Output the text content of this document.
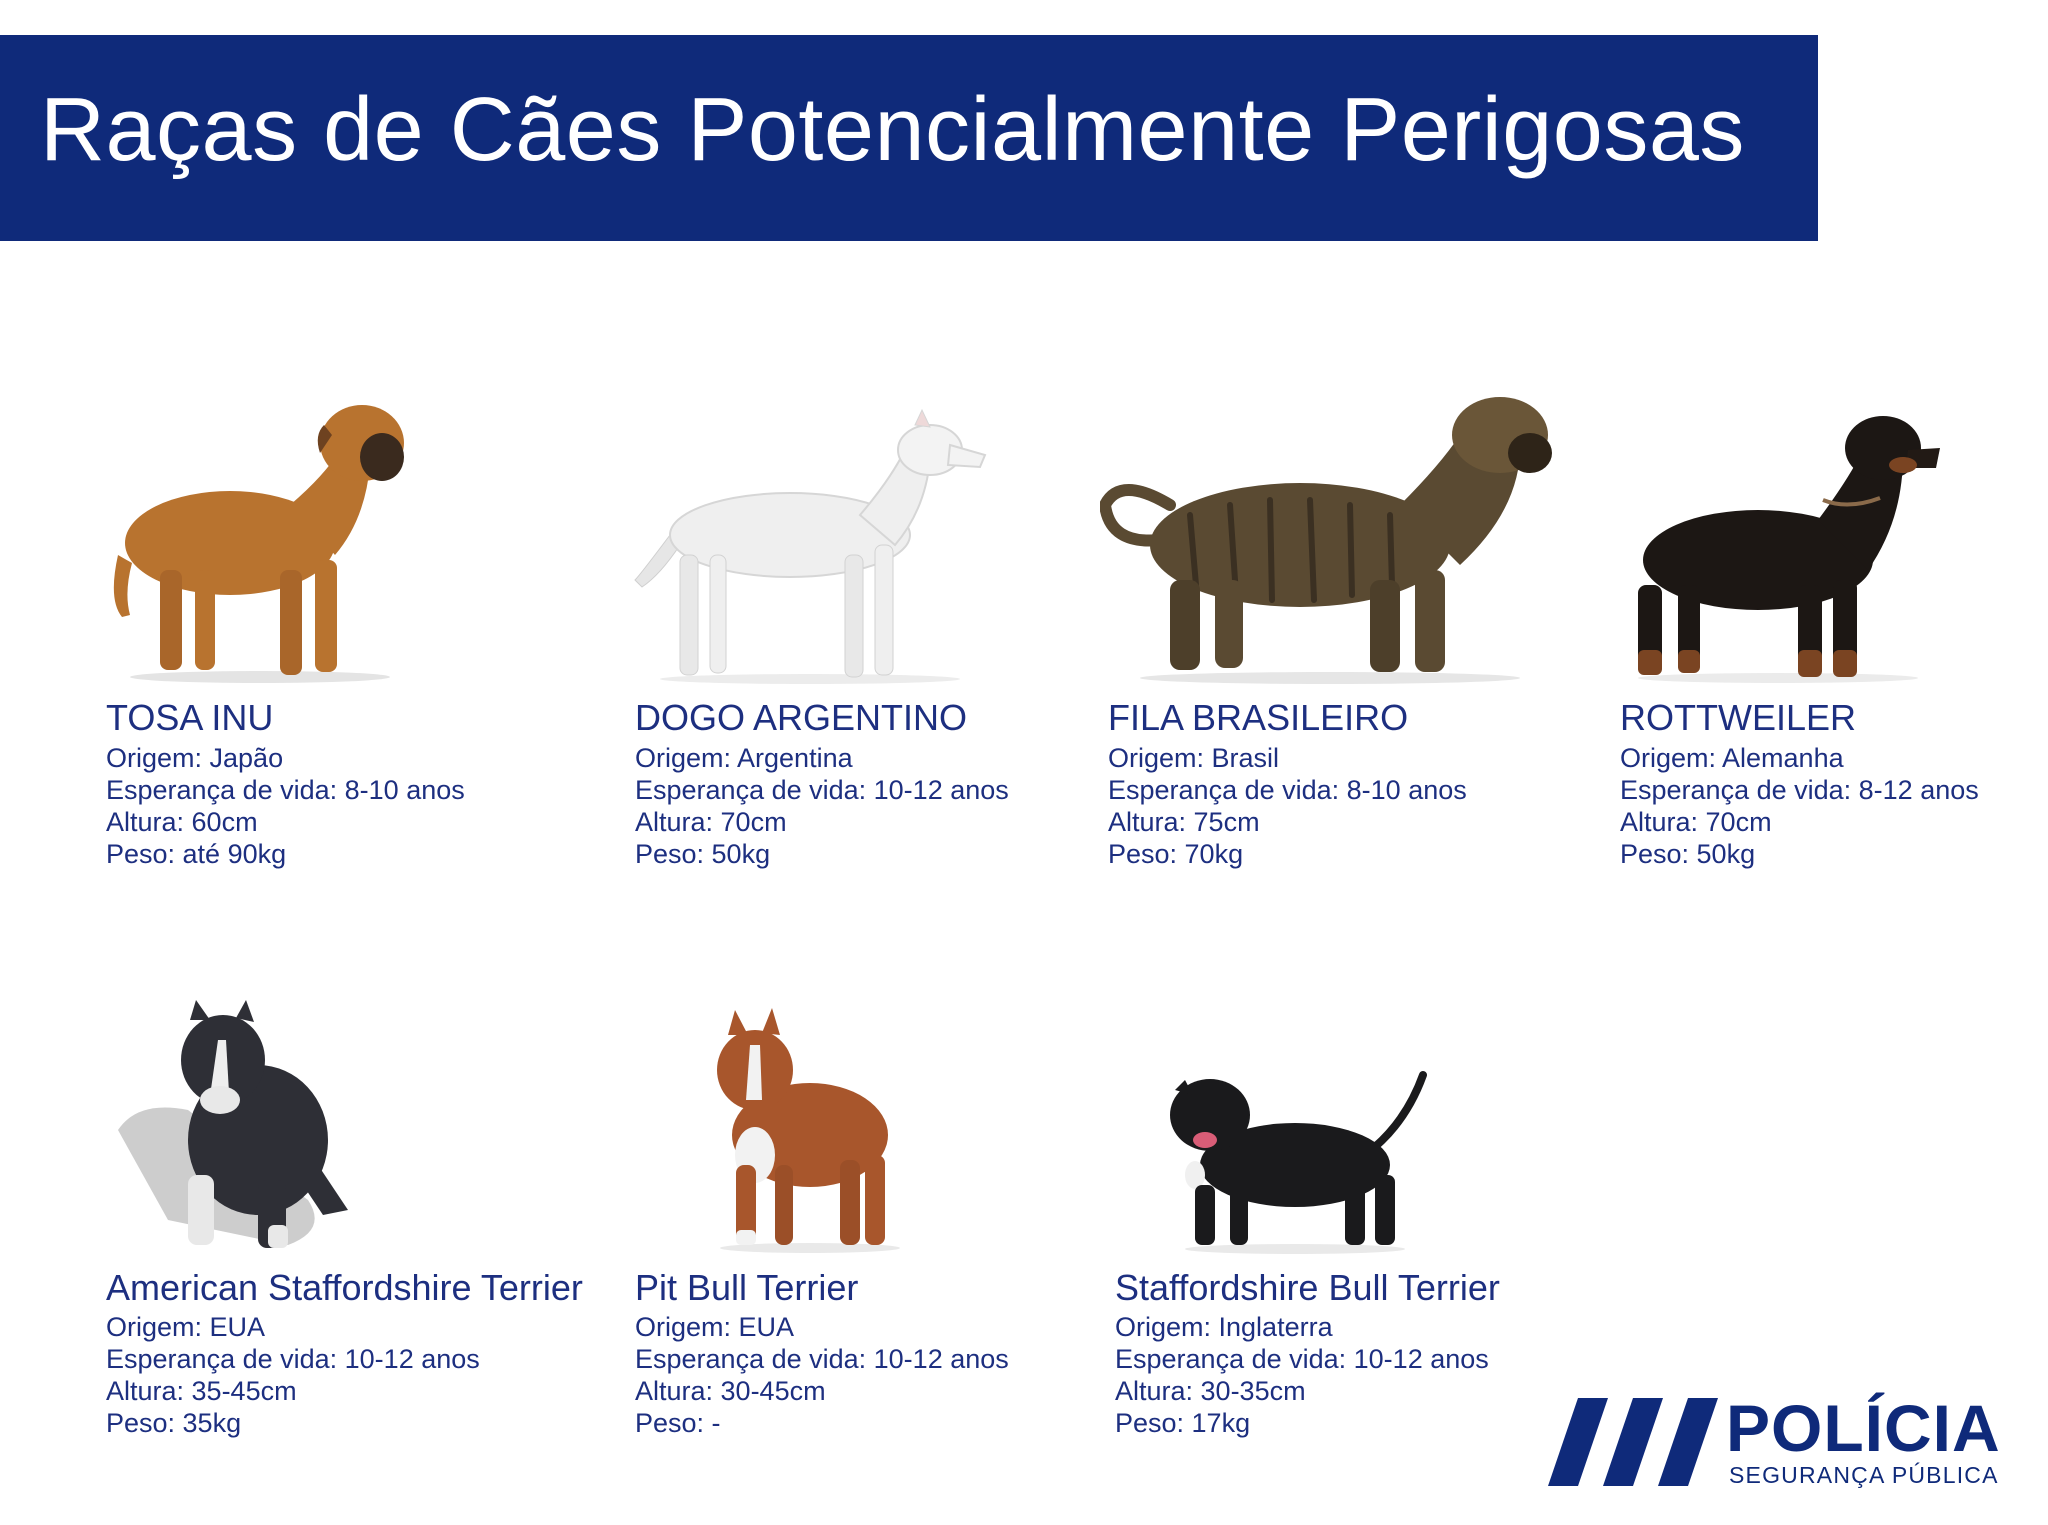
Raças de Cães Potencialmente Perigosas
TOSA INU
Origem: Japão
Esperança de vida: 8-10 anos
Altura: 60cm
Peso: até 90kg
DOGO ARGENTINO
Origem: Argentina
Esperança de vida: 10-12 anos
Altura: 70cm
Peso: 50kg
FILA BRASILEIRO
Origem: Brasil
Esperança de vida: 8-10 anos
Altura: 75cm
Peso: 70kg
ROTTWEILER
Origem: Alemanha
Esperança de vida: 8-12 anos
Altura: 70cm
Peso: 50kg
American Staffordshire Terrier
Origem: EUA
Esperança de vida: 10-12 anos
Altura: 35-45cm
Peso: 35kg
Pit Bull Terrier
Origem: EUA
Esperança de vida: 10-12 anos
Altura: 30-45cm
Peso: -
Staffordshire Bull Terrier
Origem: Inglaterra
Esperança de vida: 10-12 anos
Altura: 30-35cm
Peso: 17kg	POLÍCIA
SEGURANÇA PÚBLICA
